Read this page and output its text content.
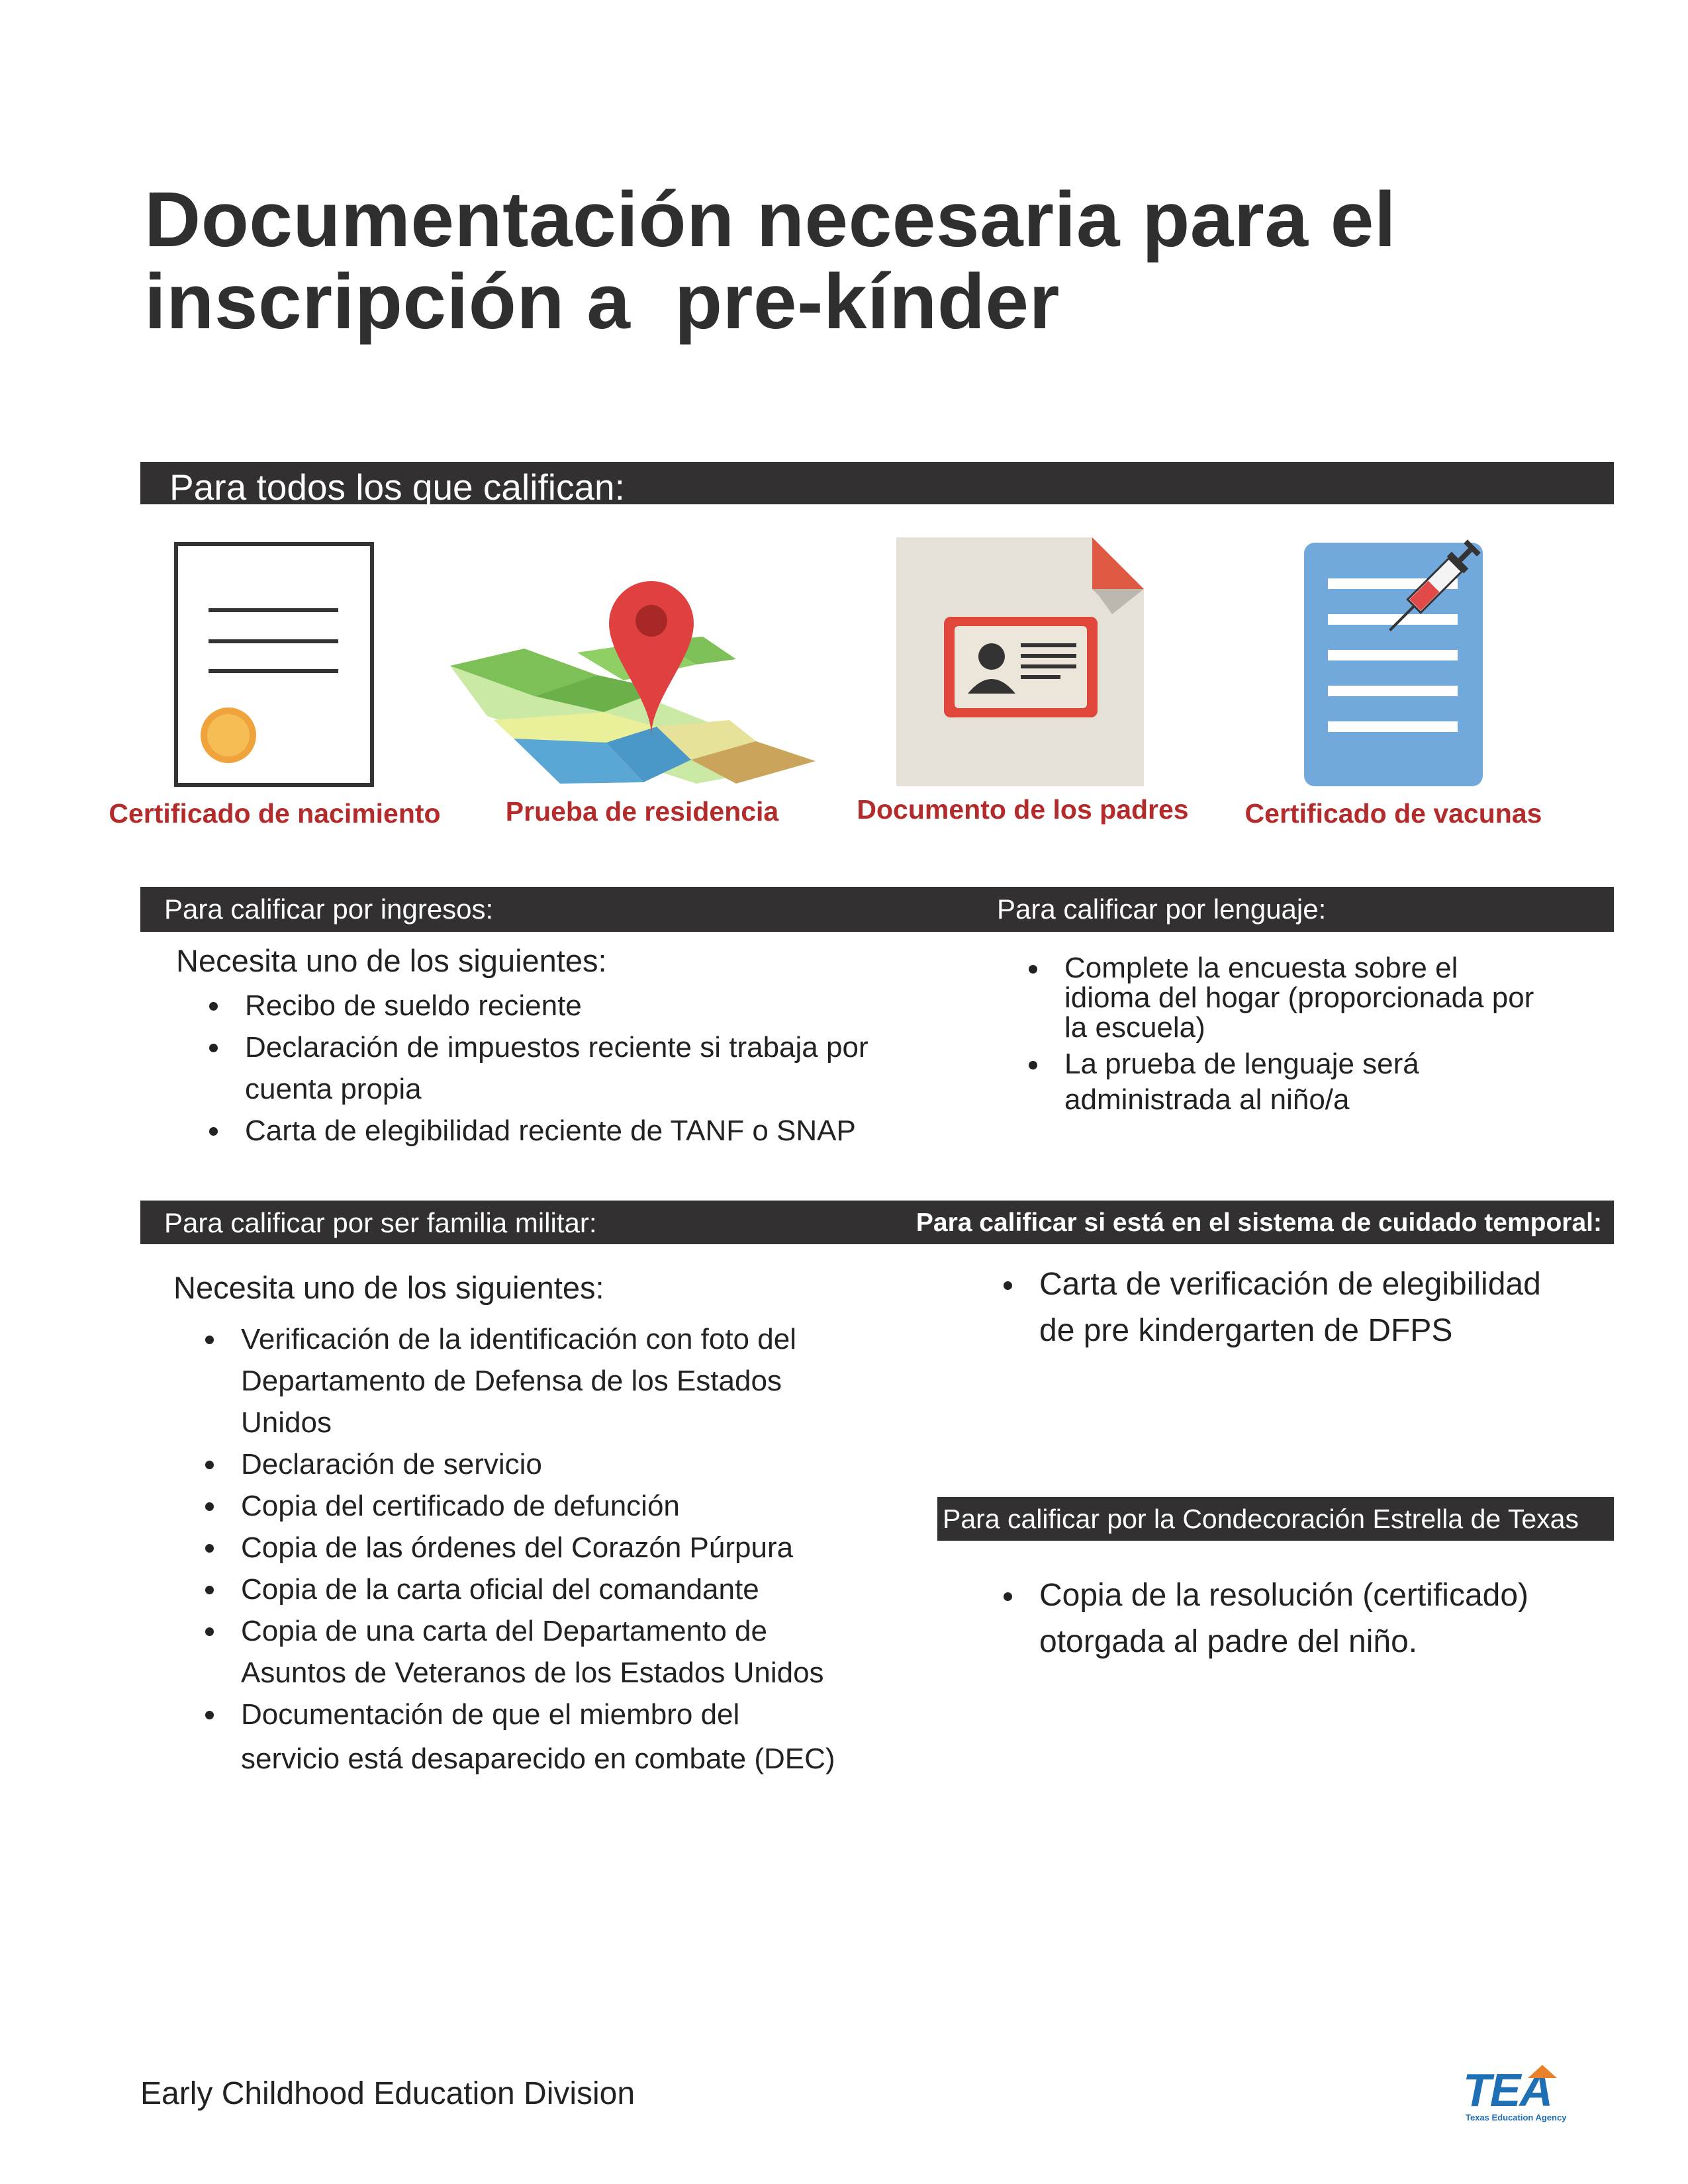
Documentación necesaria para el
inscripción a  pre-kínder
Para todos los que califican:
Certificado de nacimiento	Prueba de residencia	Documento de los padres	Certificado de vacunas
Para calificar por ingresos:	Para calificar por lenguaje:
Necesita uno de los siguientes:
Recibo de sueldo reciente
Declaración de impuestos reciente si trabaja por
cuenta propia
Carta de elegibilidad reciente de TANF o SNAP
Complete la encuesta sobre el
idioma del hogar (proporcionada por
la escuela)
La prueba de lenguaje será
administrada al niño/a
Para calificar por ser familia militar:	Para calificar si está en el sistema de cuidado temporal:
Necesita uno de los siguientes:
Verificación de la identificación con foto del
Departamento de Defensa de los Estados
Unidos
Declaración de servicio
Copia del certificado de defunción
Copia de las órdenes del Corazón Púrpura
Copia de la carta oficial del comandante
Copia de una carta del Departamento de
Asuntos de Veteranos de los Estados Unidos
Documentación de que el miembro del
servicio está desaparecido en combate (DEC)
Carta de verificación de elegibilidad
de pre kindergarten de DFPS
Para calificar por la Condecoración Estrella de Texas
Copia de la resolución (certificado)
otorgada al padre del niño.
Early Childhood Education Division	TEA
Texas Education Agency
